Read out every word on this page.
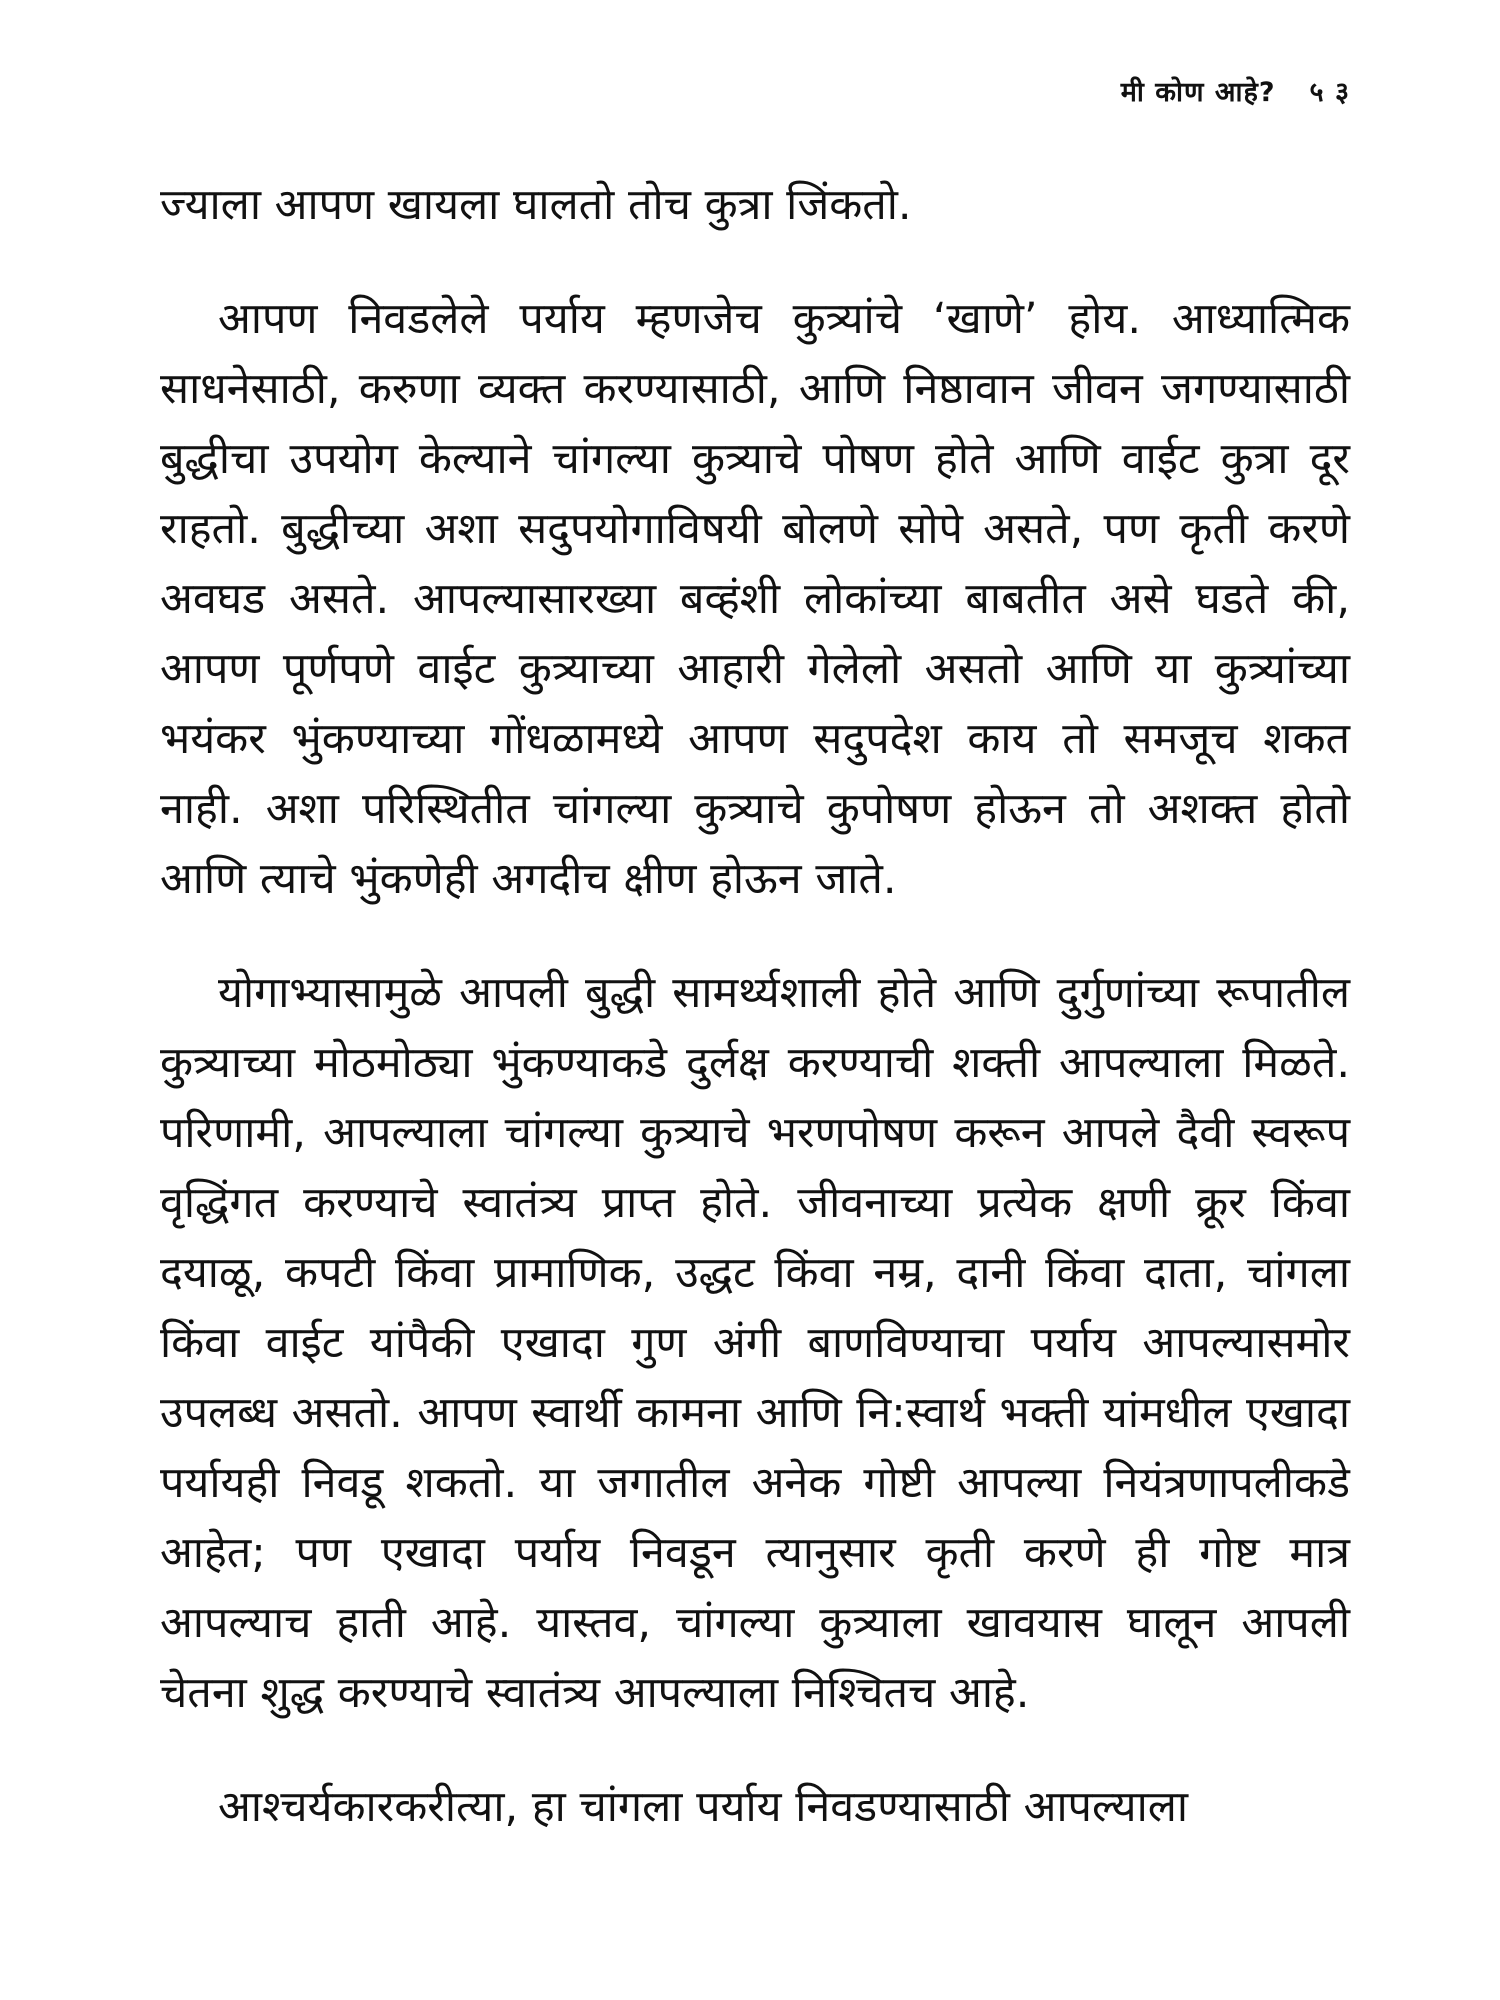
मी कोण आहे? ५ ३

ज्याला आपण खायला घालतो तोच कुत्रा जिंकतो.

आपण निवडलेले पर्याय म्हणजेच कुत्र्यांचे ‘खाणे’ होय. आध्यात्मिक साधनेसाठी, करुणा व्यक्त करण्यासाठी, आणि निष्ठावान जीवन जगण्यासाठी बुद्धीचा उपयोग केल्याने चांगल्या कुत्र्याचे पोषण होते आणि वाईट कुत्रा दूर राहतो. बुद्धीच्या अशा सदुपयोगाविषयी बोलणे सोपे असते, पण कृती करणे अवघड असते. आपल्यासारख्या बव्हंशी लोकांच्या बाबतीत असे घडते की, आपण पूर्णपणे वाईट कुत्र्याच्या आहारी गेलेलो असतो आणि या कुत्र्यांच्या भयंकर भुंकण्याच्या गोंधळामध्ये आपण सदुपदेश काय तो समजूच शकत नाही. अशा परिस्थितीत चांगल्या कुत्र्याचे कुपोषण होऊन तो अशक्त होतो आणि त्याचे भुंकणेही अगदीच क्षीण होऊन जाते.

योगाभ्यासामुळे आपली बुद्धी सामर्थ्यशाली होते आणि दुर्गुणांच्या रूपातील कुत्र्याच्या मोठमोठ्या भुंकण्याकडे दुर्लक्ष करण्याची शक्ती आपल्याला मिळते. परिणामी, आपल्याला चांगल्या कुत्र्याचे भरणपोषण करून आपले दैवी स्वरूप वृद्धिंगत करण्याचे स्वातंत्र्य प्राप्त होते. जीवनाच्या प्रत्येक क्षणी क्रूर किंवा दयाळू, कपटी किंवा प्रामाणिक, उद्धट किंवा नम्र, दानी किंवा दाता, चांगला किंवा वाईट यांपैकी एखादा गुण अंगी बाणविण्याचा पर्याय आपल्यासमोर उपलब्ध असतो. आपण स्वार्थी कामना आणि नि:स्वार्थ भक्ती यांमधील एखादा पर्यायही निवडू शकतो. या जगातील अनेक गोष्टी आपल्या नियंत्रणापलीकडे आहेत; पण एखादा पर्याय निवडून त्यानुसार कृती करणे ही गोष्ट मात्र आपल्याच हाती आहे. यास्तव, चांगल्या कुत्र्याला खावयास घालून आपली चेतना शुद्ध करण्याचे स्वातंत्र्य आपल्याला निश्चितच आहे.

आश्चर्यकारकरीत्या, हा चांगला पर्याय निवडण्यासाठी आपल्याला
